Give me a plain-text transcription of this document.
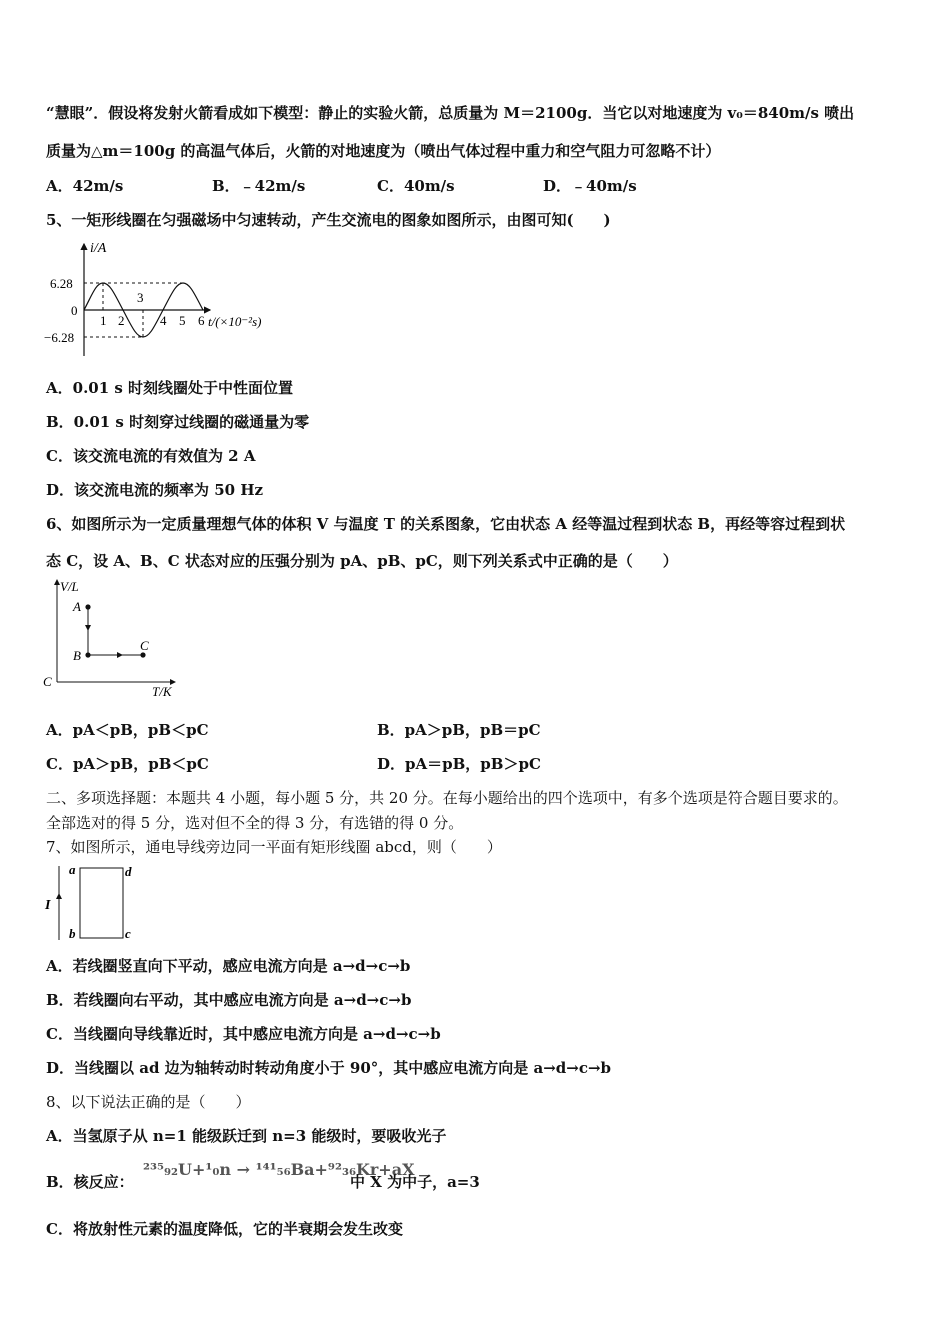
“慧眼”．假设将发射火箭看成如下模型：静止的实验火箭，总质量为 M＝2100g．当它以对地速度为 v₀＝840m/s 喷出
质量为△m＝100g 的高温气体后，火箭的对地速度为（喷出气体过程中重力和空气阻力可忽略不计）
A．42m/s	B．﹣42m/s	C．40m/s	D．﹣40m/s
5、一矩形线圈在匀强磁场中匀速转动，产生交流电的图象如图所示，由图可知(　　)
i/A
6.28
0
−6.28
1 2
3
4 5 6 t/(×10⁻²s)
A．0.01 s 时刻线圈处于中性面位置
B．0.01 s 时刻穿过线圈的磁通量为零
C．该交流电流的有效值为 2 A
D．该交流电流的频率为 50 Hz
6、如图所示为一定质量理想气体的体积 V 与温度 T 的关系图象，它由状态 A 经等温过程到状态 B，再经等容过程到状
态 C，设 A、B、C 状态对应的压强分别为 pA、pB、pC，则下列关系式中正确的是（　　）
V/L
A
B
C
C
T/K
A．pA＜pB，pB＜pC	B．pA＞pB，pB＝pC
C．pA＞pB，pB＜pC	D．pA＝pB，pB＞pC
二、多项选择题：本题共 4 小题，每小题 5 分，共 20 分。在每小题给出的四个选项中，有多个选项是符合题目要求的。
全部选对的得 5 分，选对但不全的得 3 分，有选错的得 0 分。
7、如图所示，通电导线旁边同一平面有矩形线圈 abcd，则（　　）
I
a
b	c
d
A．若线圈竖直向下平动，感应电流方向是 a→d→c→b
B．若线圈向右平动，其中感应电流方向是 a→d→c→b
C．当线圈向导线靠近时，其中感应电流方向是 a→d→c→b
D．当线圈以 ad 边为轴转动时转动角度小于 90°，其中感应电流方向是 a→d→c→b
8、以下说法正确的是（　　）
A．当氢原子从 n=1 能级跃迁到 n=3 能级时，要吸收光子
B．核反应：
²³⁵₉₂U+¹₀n → ¹⁴¹₅₆Ba+⁹²₃₆Kr+aX
中 X 为中子，a=3
C．将放射性元素的温度降低，它的半衰期会发生改变
